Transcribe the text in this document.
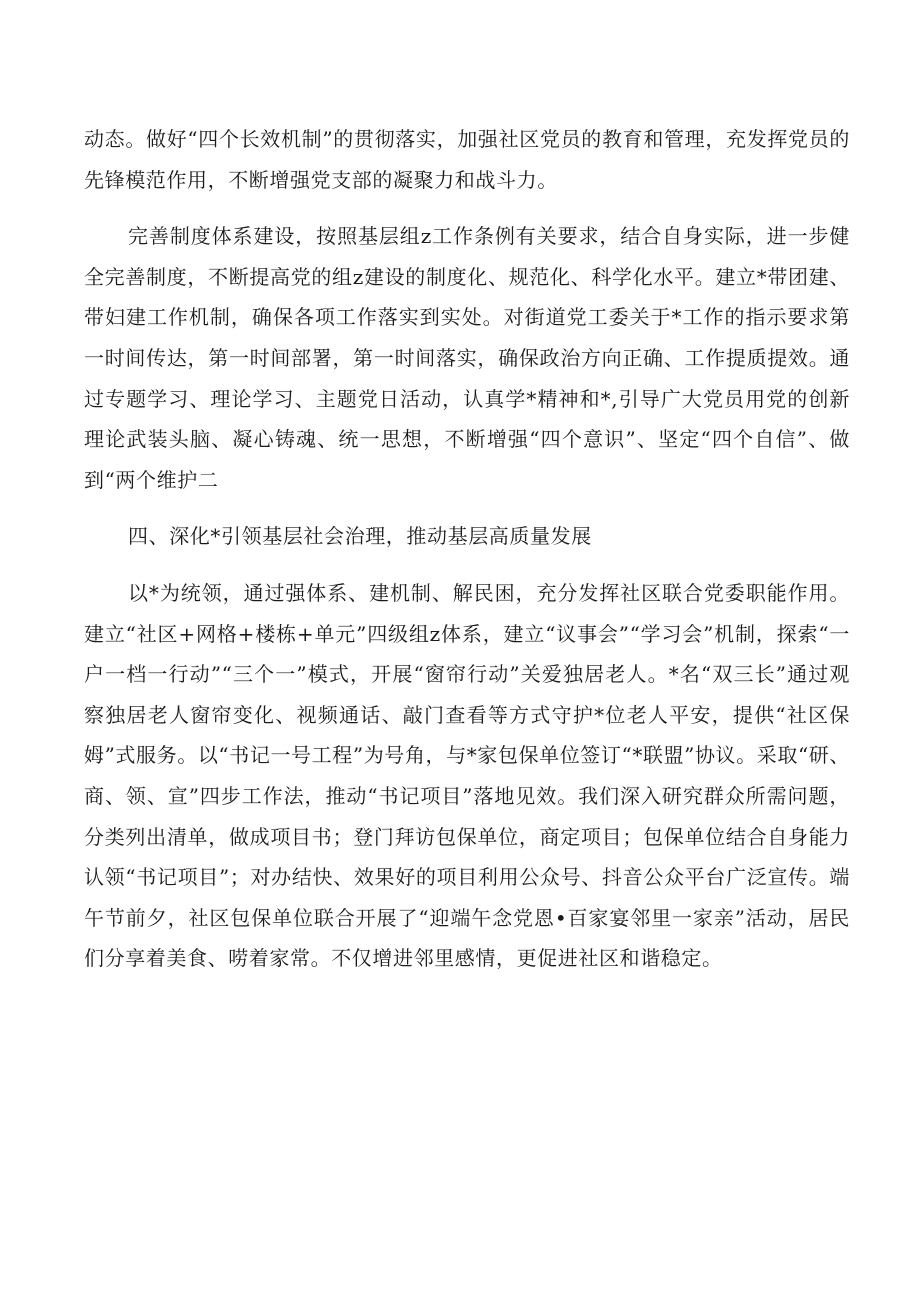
动态。做好“四个长效机制”的贯彻落实，加强社区党员的教育和管理，充发挥党员的先锋模范作用，不断增强党支部的凝聚力和战斗力。

完善制度体系建设，按照基层组z工作条例有关要求，结合自身实际，进一步健全完善制度，不断提高党的组z建设的制度化、规范化、科学化水平。建立*带团建、带妇建工作机制，确保各项工作落实到实处。对街道党工委关于*工作的指示要求第一时间传达，第一时间部署，第一时间落实，确保政治方向正确、工作提质提效。通过专题学习、理论学习、主题党日活动，认真学*精神和*,引导广大党员用党的创新理论武装头脑、凝心铸魂、统一思想，不断增强“四个意识”、坚定“四个自信”、做到“两个维护二

四、深化*引领基层社会治理，推动基层高质量发展

以*为统领，通过强体系、建机制、解民困，充分发挥社区联合党委职能作用。建立“社区+网格+楼栋+单元”四级组z体系，建立“议事会”“学习会”机制，探索“一户一档一行动”“三个一”模式，开展“窗帘行动”关爱独居老人。*名“双三长”通过观察独居老人窗帘变化、视频通话、敲门查看等方式守护*位老人平安，提供“社区保姆”式服务。以“书记一号工程”为号角，与*家包保单位签订“*联盟”协议。采取“研、商、领、宣”四步工作法，推动“书记项目”落地见效。我们深入研究群众所需问题，分类列出清单，做成项目书；登门拜访包保单位，商定项目；包保单位结合自身能力认领“书记项目”；对办结快、效果好的项目利用公众号、抖音公众平台广泛宣传。端午节前夕，社区包保单位联合开展了“迎端午念党恩•百家宴邻里一家亲”活动，居民们分享着美食、唠着家常。不仅增进邻里感情，更促进社区和谐稳定。
